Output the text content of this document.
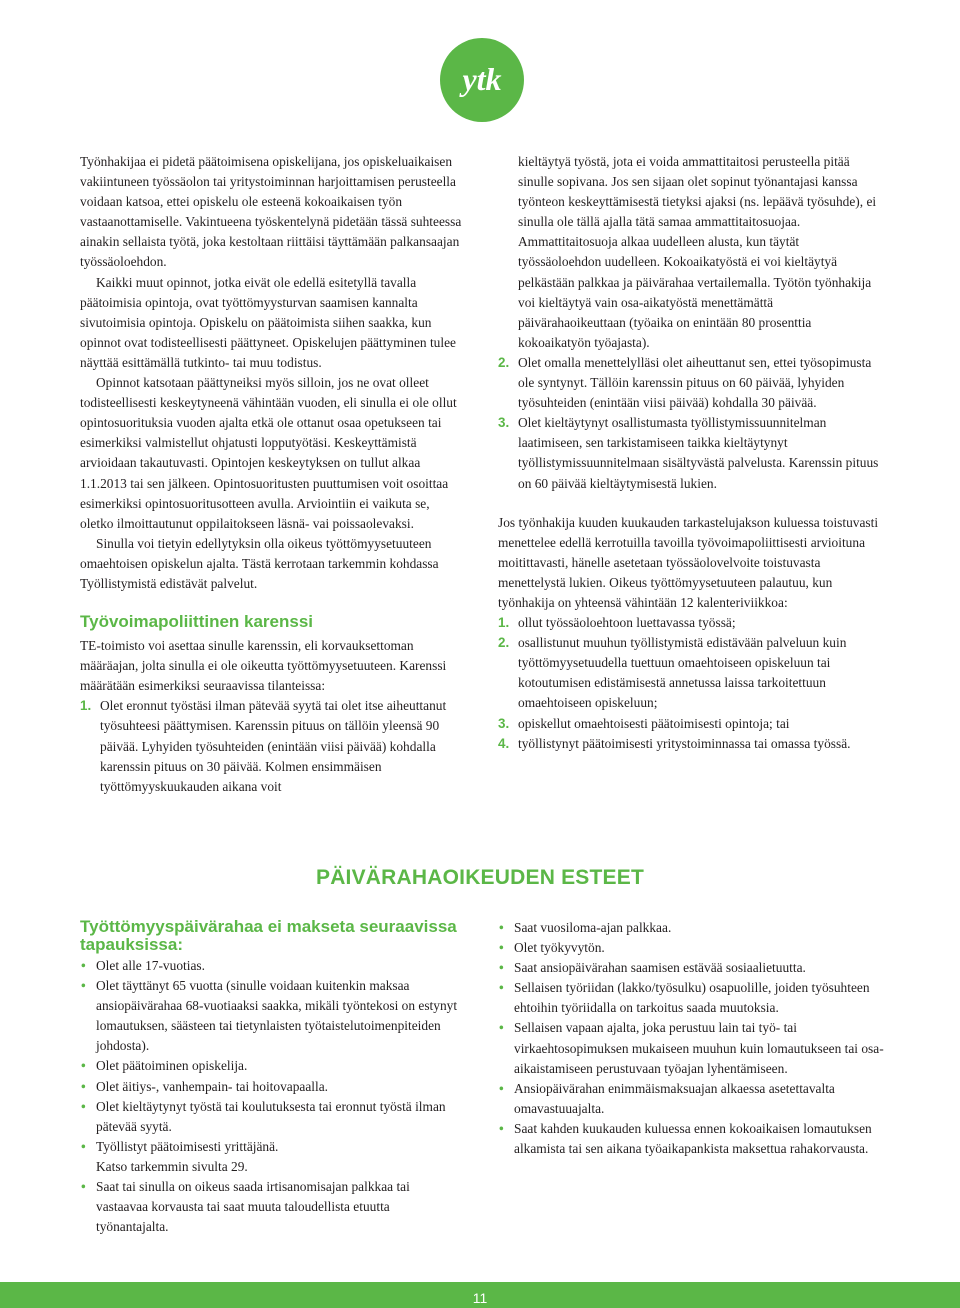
ytk

Työnhakijaa ei pidetä päätoimisena opiskelijana, jos opiskeluaikaisen vakiintuneen työssäolon tai yritystoiminnan harjoittamisen perusteella voidaan katsoa, ettei opiskelu ole esteenä kokoaikaisen työn vastaanottamiselle. Vakintueena työskentelynä pidetään tässä suhteessa ainakin sellaista työtä, joka kestoltaan riittäisi täyttämään palkansaajan työssäoloehdon.

Kaikki muut opinnot, jotka eivät ole edellä esitetyllä tavalla päätoimisia opintoja, ovat työttömyysturvan saamisen kannalta sivutoimisia opintoja. Opiskelu on päätoimista siihen saakka, kun opinnot ovat todisteellisesti päättyneet. Opiskelujen päättyminen tulee näyttää esittämällä tutkinto- tai muu todistus.

Opinnot katsotaan päättyneiksi myös silloin, jos ne ovat olleet todisteellisesti keskeytyneenä vähintään vuoden, eli sinulla ei ole ollut opintosuorituksia vuoden ajalta etkä ole ottanut osaa opetukseen tai esimerkiksi valmistellut ohjatusti lopputyötäsi. Keskeyttämistä arvioidaan takautuvasti. Opintojen keskeytyksen on tullut alkaa 1.1.2013 tai sen jälkeen. Opintosuoritusten puuttumisen voit osoittaa esimerkiksi opintosuoritusotteen avulla. Arviointiin ei vaikuta se, oletko ilmoittautunut oppilaitokseen läsnä- vai poissaolevaksi.

Sinulla voi tietyin edellytyksin olla oikeus työttömyysetuuteen omaehtoisen opiskelun ajalta. Tästä kerrotaan tarkemmin kohdassa Työllistymistä edistävät palvelut.

Työvoimapoliittinen karenssi

TE-toimisto voi asettaa sinulle karenssin, eli korvauksettoman määräajan, jolta sinulla ei ole oikeutta työttömyysetuuteen. Karenssi määrätään esimerkiksi seuraavissa tilanteissa:

1. Olet eronnut työstäsi ilman pätevää syytä tai olet itse aiheuttanut työsuhteesi päättymisen. Karenssin pituus on tällöin yleensä 90 päivää. Lyhyiden työsuhteiden (enintään viisi päivää) kohdalla karenssin pituus on 30 päivää. Kolmen ensimmäisen työttömyyskuukauden aikana voit

kieltäytyä työstä, jota ei voida ammattitaitosi perusteella pitää sinulle sopivana. Jos sen sijaan olet sopinut työnantajasi kanssa työnteon keskeyttämisestä tietyksi ajaksi (ns. lepäävä työsuhde), ei sinulla ole tällä ajalla tätä samaa ammattitaitosuojaa. Ammattitaitosuoja alkaa uudelleen alusta, kun täytät työssäoloehdon uudelleen. Kokoaikatyöstä ei voi kieltäytyä pelkästään palkkaa ja päivärahaa vertailemalla. Työtön työnhakija voi kieltäytyä vain osa-aikatyöstä menettämättä päivärahaoikeuttaan (työaika on enintään 80 prosenttia kokoaikatyön työajasta).

2. Olet omalla menettelylläsi olet aiheuttanut sen, ettei työsopimusta ole syntynyt. Tällöin karenssin pituus on 60 päivää, lyhyiden työsuhteiden (enintään viisi päivää) kohdalla 30 päivää.
3. Olet kieltäytynyt osallistumasta työllistymissuunnitelman laatimiseen, sen tarkistamiseen taikka kieltäytynyt työllistymissuunnitelmaan sisältyvästä palvelusta. Karenssin pituus on 60 päivää kieltäytymisestä lukien.

Jos työnhakija kuuden kuukauden tarkastelujakson kuluessa toistuvasti menettelee edellä kerrotuilla tavoilla työvoimapoliittisesti arvioituna moitittavasti, hänelle asetetaan työssäolovelvoite toistuvasta menettelystä lukien. Oikeus työttömyysetuuteen palautuu, kun työnhakija on yhteensä vähintään 12 kalenteriviikkoa:

1. ollut työssäoloehtoon luettavassa työssä;
2. osallistunut muuhun työllistymistä edistävään palveluun kuin työttömyysetuudella tuettuun omaehtoiseen opiskeluun tai kotoutumisen edistämisestä annetussa laissa tarkoitettuun omaehtoiseen opiskeluun;
3. opiskellut omaehtoisesti päätoimisesti opintoja; tai
4. työllistynyt päätoimisesti yritystoiminnassa tai omassa työssä.
PÄIVÄRAHAOIKEUDEN ESTEET
Työttömyyspäivärahaa ei makseta seuraavissa tapauksissa:
• Olet alle 17-vuotias.
• Olet täyttänyt 65 vuotta (sinulle voidaan kuitenkin maksaa ansiopäivärahaa 68-vuotiaaksi saakka, mikäli työntekosi on estynyt lomautuksen, säästeen tai tietynlaisten työtaistelutoimenpiteiden johdosta).
• Olet päätoiminen opiskelija.
• Olet äitiys-, vanhempain- tai hoitovapaalla.
• Olet kieltäytynyt työstä tai koulutuksesta tai eronnut työstä ilman pätevää syytä.
• Työllistyt päätoimisesti yrittäjänä.
Katso tarkemmin sivulta 29.
• Saat tai sinulla on oikeus saada irtisanomisajan palkkaa tai vastaavaa korvausta tai saat muuta taloudellista etuutta työnantajalta.
• Saat vuosiloma-ajan palkkaa.
• Olet työkyvytön.
• Saat ansiopäivärahan saamisen estävää sosiaalietuutta.
• Sellaisen työriidan (lakko/työsulku) osapuolille, joiden työsuhteen ehtoihin työriidalla on tarkoitus saada muutoksia.
• Sellaisen vapaan ajalta, joka perustuu lain tai työ- tai virkaehtosopimuksen mukaiseen muuhun kuin lomautukseen tai osa-aikaistamiseen perustuvaan työajan lyhentämiseen.
• Ansiopäivärahan enimmäismaksuajan alkaessa asetettavalta omavastuuajalta.
• Saat kahden kuukauden kuluessa ennen kokoaikaisen lomautuksen alkamista tai sen aikana työaikapankista maksettua rahakorvausta.
11
